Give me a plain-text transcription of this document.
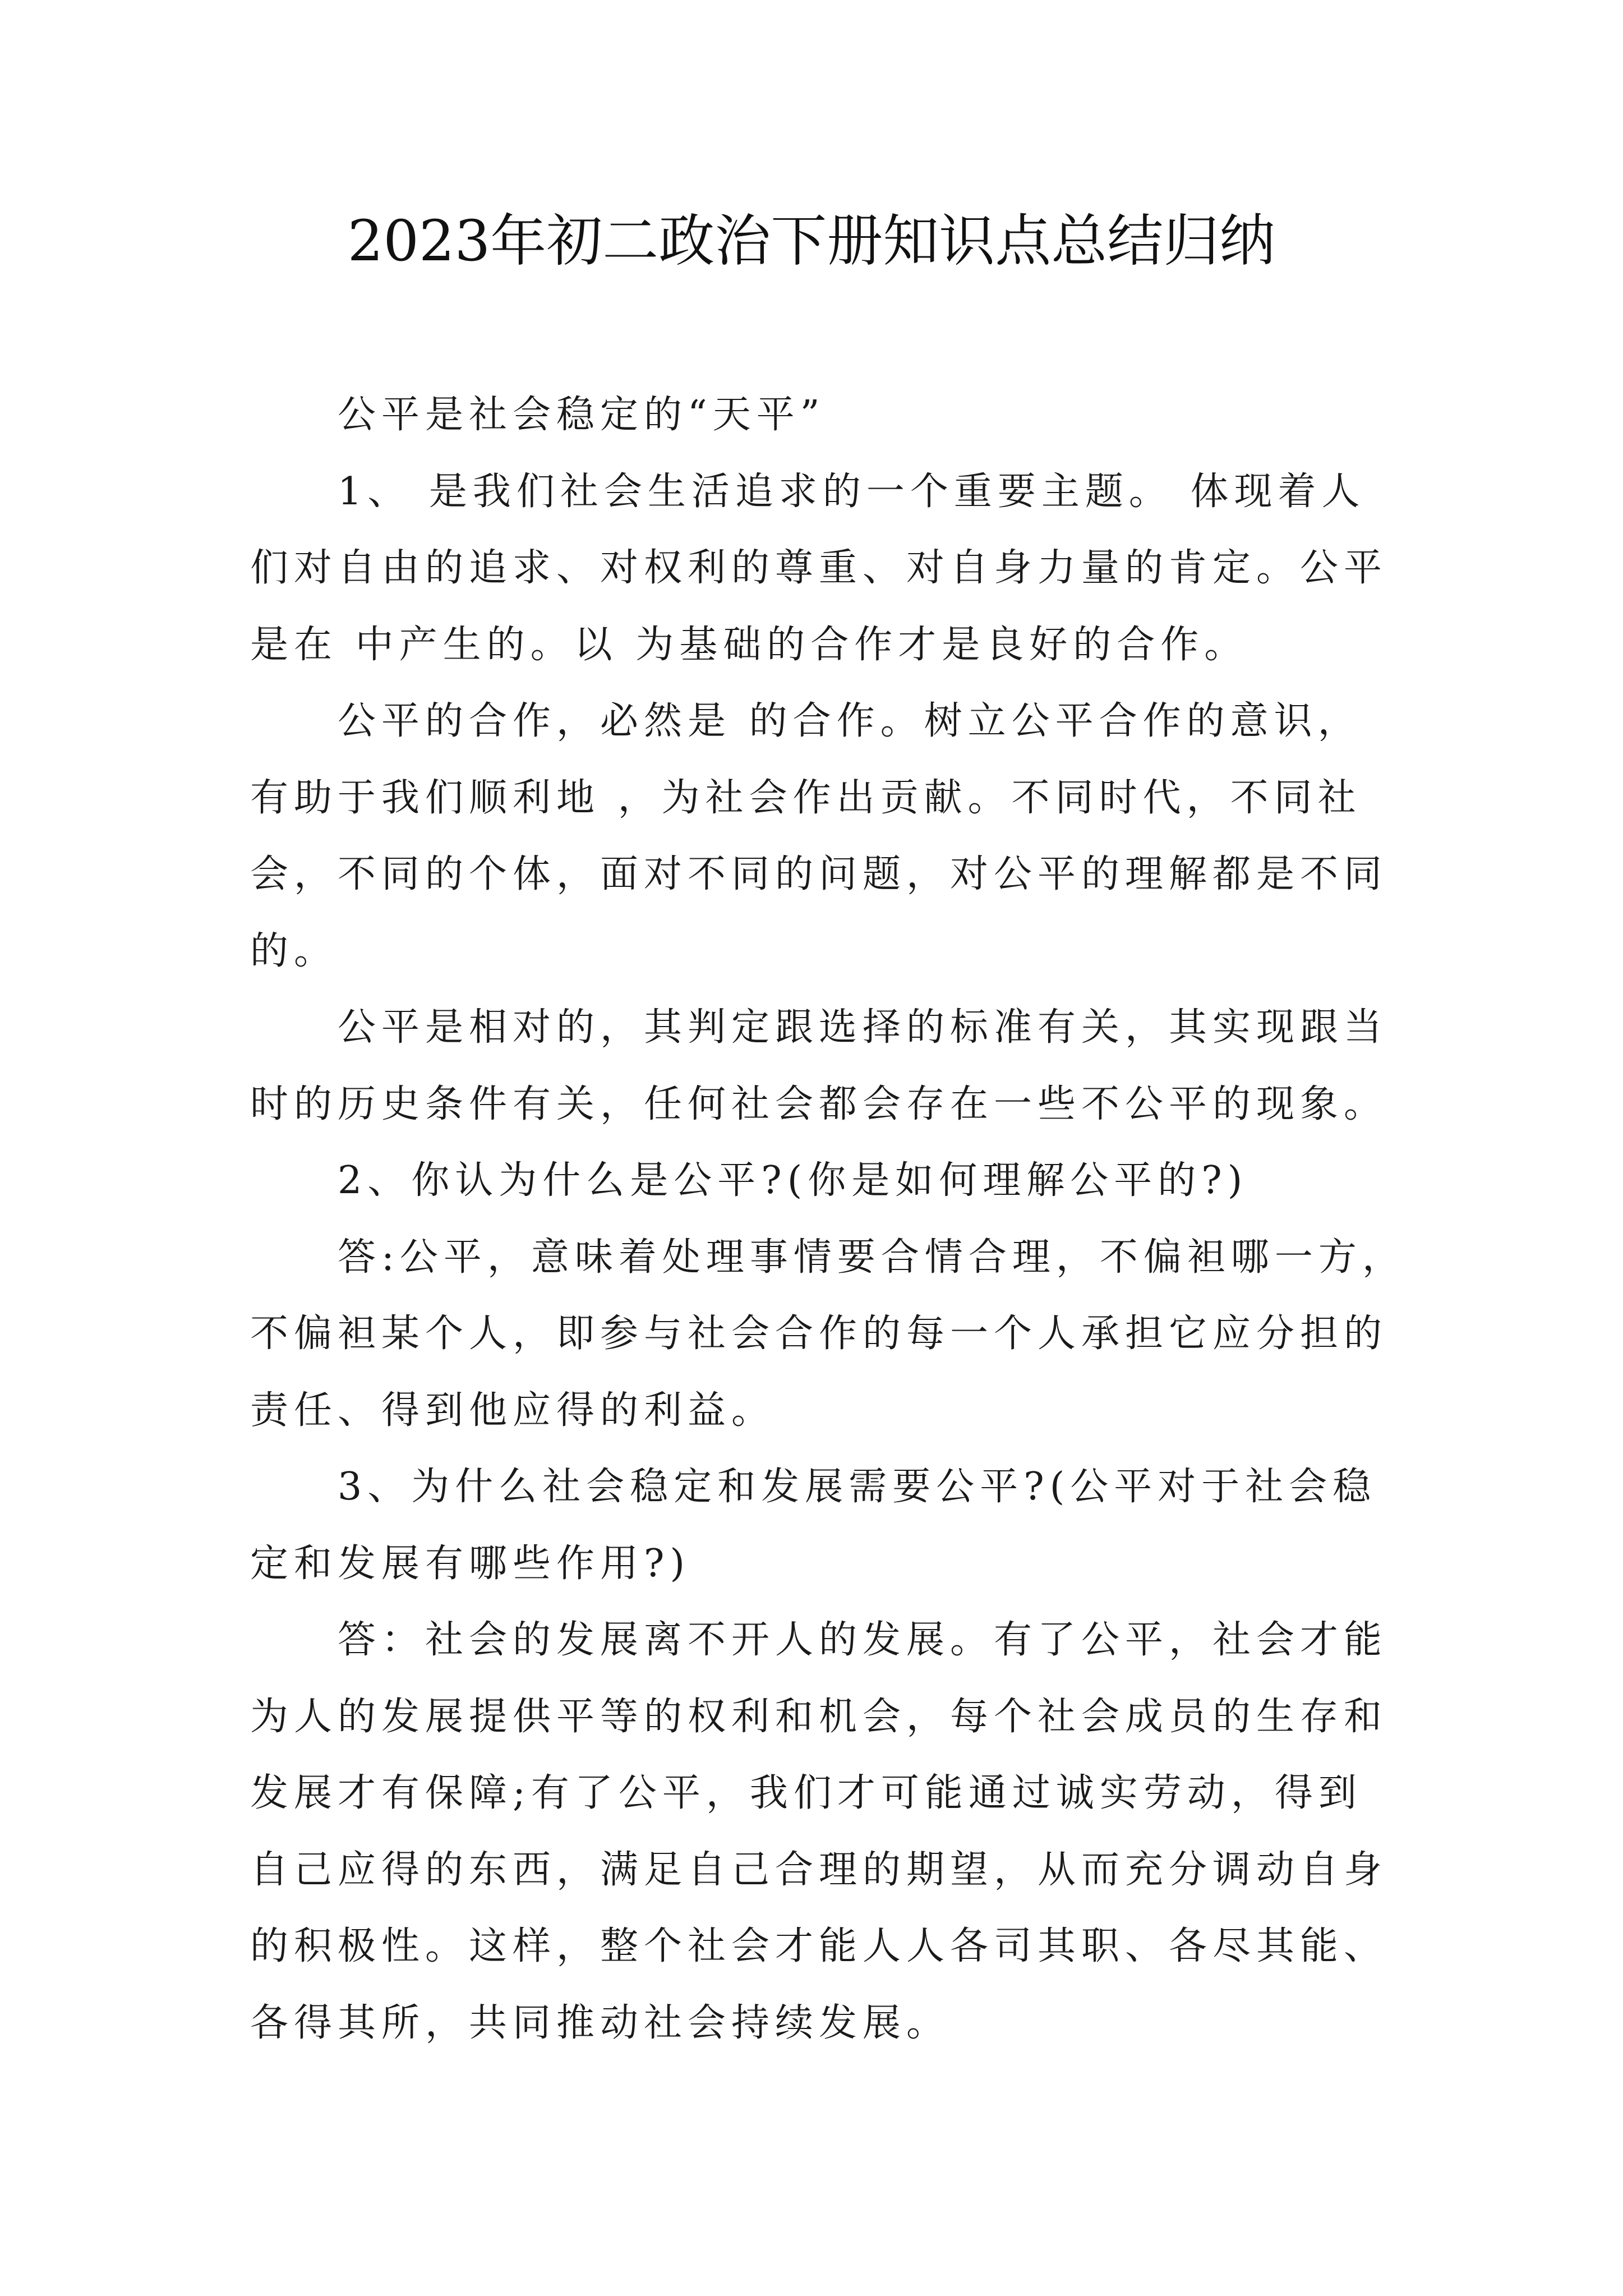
2023年初二政治下册知识点总结归纳
公平是社会稳定的“天平”
1、 是我们社会生活追求的一个重要主题。 体现着人
们对自由的追求、对权利的尊重、对自身力量的肯定。公平
是在 中产生的。以 为基础的合作才是良好的合作。
公平的合作，必然是 的合作。树立公平合作的意识，
有助于我们顺利地 ，为社会作出贡献。不同时代，不同社
会，不同的个体，面对不同的问题，对公平的理解都是不同
的。
公平是相对的，其判定跟选择的标准有关，其实现跟当
时的历史条件有关，任何社会都会存在一些不公平的现象。
2、你认为什么是公平?(你是如何理解公平的?)
答:公平，意味着处理事情要合情合理，不偏袒哪一方，
不偏袒某个人，即参与社会合作的每一个人承担它应分担的
责任、得到他应得的利益。
3、为什么社会稳定和发展需要公平?(公平对于社会稳
定和发展有哪些作用?)
答：社会的发展离不开人的发展。有了公平，社会才能
为人的发展提供平等的权利和机会，每个社会成员的生存和
发展才有保障;有了公平，我们才可能通过诚实劳动，得到
自己应得的东西，满足自己合理的期望，从而充分调动自身
的积极性。这样，整个社会才能人人各司其职、各尽其能、
各得其所，共同推动社会持续发展。
